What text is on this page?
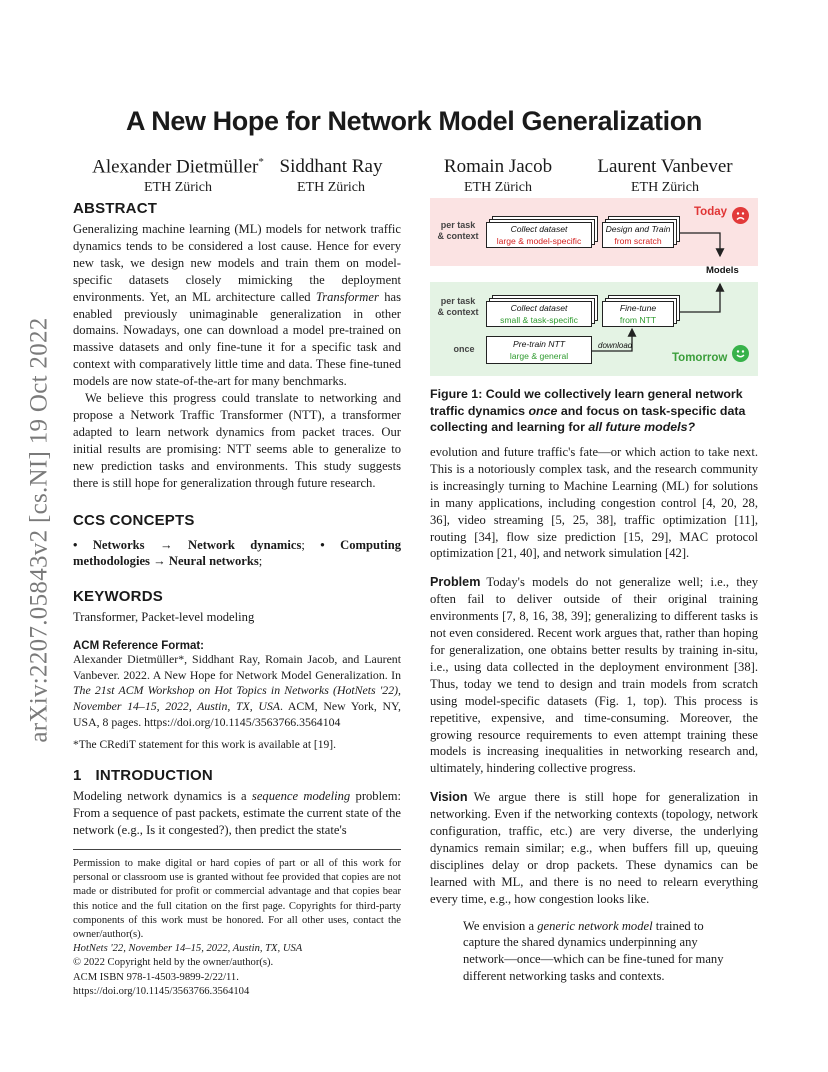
arXiv:2207.05843v2 [cs.NI] 19 Oct 2022
A New Hope for Network Model Generalization
Alexander Dietmüller*
ETH Zürich
Siddhant Ray
ETH Zürich
Romain Jacob
ETH Zürich
Laurent Vanbever
ETH Zürich
ABSTRACT

Generalizing machine learning (ML) models for network traffic dynamics tends to be considered a lost cause. Hence for every new task, we design new models and train them on model-specific datasets closely mimicking the deployment environments. Yet, an ML architecture called Transformer has enabled previously unimaginable generalization in other domains. Nowadays, one can download a model pre-trained on massive datasets and only fine-tune it for a specific task and context with comparatively little time and data. These fine-tuned models are now state-of-the-art for many benchmarks.

We believe this progress could translate to networking and propose a Network Traffic Transformer (NTT), a transformer adapted to learn network dynamics from packet traces. Our initial results are promising: NTT seems able to generalize to new prediction tasks and environments. This study suggests there is still hope for generalization through future research.

CCS CONCEPTS

• Networks → Network dynamics; • Computing methodologies → Neural networks;

KEYWORDS

Transformer, Packet-level modeling

ACM Reference Format:

Alexander Dietmüller*, Siddhant Ray, Romain Jacob, and Laurent Vanbever. 2022. A New Hope for Network Model Generalization. In The 21st ACM Workshop on Hot Topics in Networks (HotNets '22), November 14–15, 2022, Austin, TX, USA. ACM, New York, NY, USA, 8 pages. https://doi.org/10.1145/3563766.3564104

*The CRediT statement for this work is available at [19].

1 INTRODUCTION

Modeling network dynamics is a sequence modeling problem: From a sequence of past packets, estimate the current state of the network (e.g., Is it congested?), then predict the state's

Permission to make digital or hard copies of part or all of this work for personal or classroom use is granted without fee provided that copies are not made or distributed for profit or commercial advantage and that copies bear this notice and the full citation on the first page. Copyrights for third-party components of this work must be honored. For all other uses, contact the owner/author(s).

HotNets '22, November 14–15, 2022, Austin, TX, USA

© 2022 Copyright held by the owner/author(s).

ACM ISBN 978-1-4503-9899-2/22/11.

https://doi.org/10.1145/3563766.3564104

per task
& context
per task
& context
once
Collect dataset
large & model-specific
Design and Train
from scratch
Collect dataset
small & task-specific
Fine-tune
from NTT
Pre-train NTT
large & general
download
Models
Today
Tomorrow
Figure 1: Could we collectively learn general network traffic dynamics once and focus on task-specific data collecting and learning for all future models?

evolution and future traffic's fate—or which action to take next. This is a notoriously complex task, and the research community is increasingly turning to Machine Learning (ML) for solutions in many applications, including congestion control [4, 20, 28, 36], video streaming [5, 25, 38], traffic optimization [11], routing [34], flow size prediction [15, 29], MAC protocol optimization [21, 40], and network simulation [42].

Problem Today's models do not generalize well; i.e., they often fail to deliver outside of their original training environments [7, 8, 16, 38, 39]; generalizing to different tasks is not even considered. Recent work argues that, rather than hoping for generalization, one obtains better results by training in-situ, i.e., using data collected in the deployment environment [38]. Thus, today we tend to design and train models from scratch using model-specific datasets (Fig. 1, top). This process is repetitive, expensive, and time-consuming. Moreover, the growing resource requirements to even attempt training these models is increasing inequalities in networking research and, ultimately, hindering collective progress.

Vision We argue there is still hope for generalization in networking. Even if the networking contexts (topology, network configuration, traffic, etc.) are very diverse, the underlying dynamics remain similar; e.g., when buffers fill up, queuing disciplines delay or drop packets. These dynamics can be learned with ML, and there is no need to relearn everything every time, e.g., how congestion looks like.

We envision a generic network model trained to capture the shared dynamics underpinning any network—once—which can be fine-tuned for many different networking tasks and contexts.
